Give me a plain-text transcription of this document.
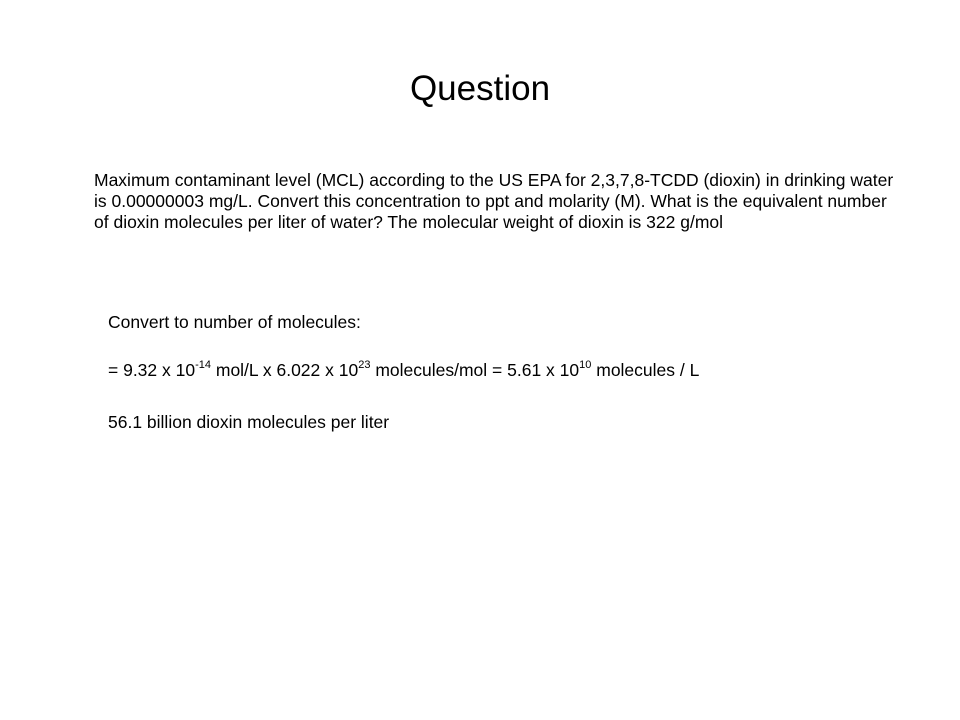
Question
Maximum contaminant level (MCL) according to the US EPA for 2,3,7,8-TCDD (dioxin) in drinking water is 0.00000003 mg/L. Convert this concentration to ppt and molarity (M). What is the equivalent number of dioxin molecules per liter of water? The molecular weight of dioxin is 322 g/mol
Convert to number of molecules:
= 9.32 x $10^{-14}$ mol/L x 6.022 x $10^{23}$ molecules/mol = 5.61 x $10^{10}$ molecules / L
56.1 billion dioxin molecules per liter
